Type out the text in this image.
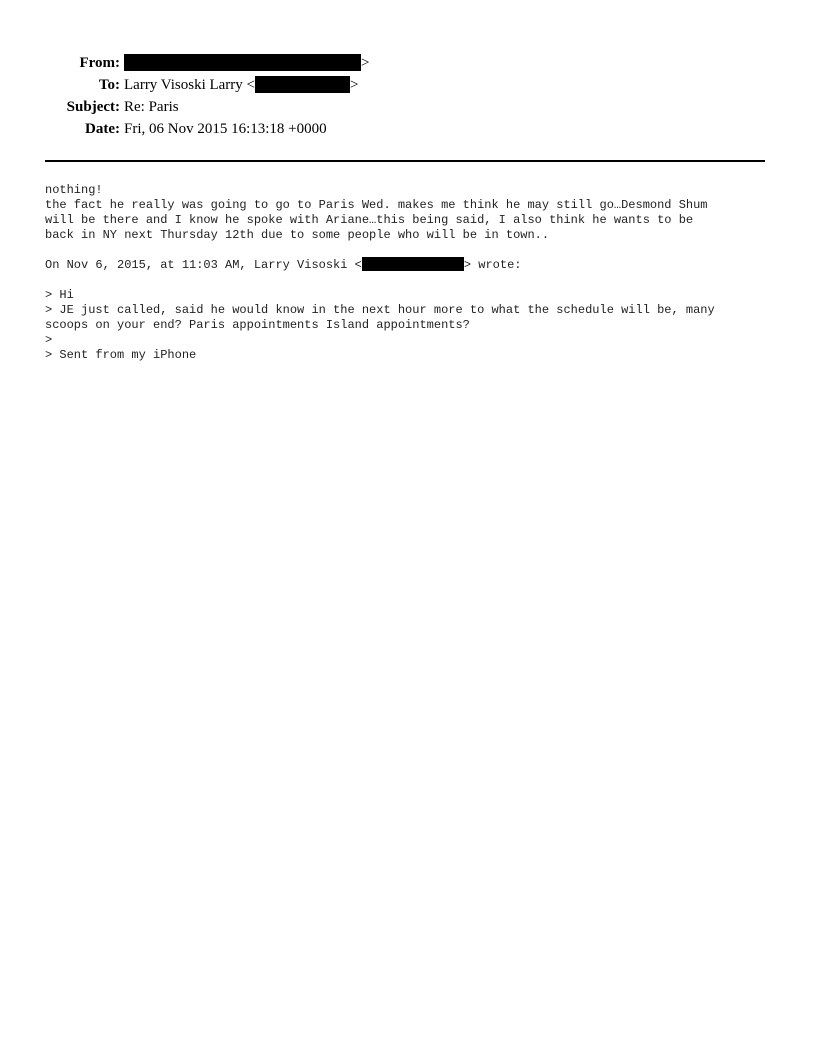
From:	>
To: Larry Visoski Larry <	>
Subject: Re: Paris
Date: Fri, 06 Nov 2015 16:13:18 +0000
nothing!
the fact he really was going to go to Paris Wed. makes me think he may still go…Desmond Shum
will be there and I know he spoke with Ariane…this being said, I also think he wants to be
back in NY next Thursday 12th due to some people who will be in town..
On Nov 6, 2015, at 11:03 AM, Larry Visoski <	> wrote:
> Hi
> JE just called, said he would know in the next hour more to what the schedule will be, many
scoops on your end? Paris appointments Island appointments?
>
> Sent from my iPhone
